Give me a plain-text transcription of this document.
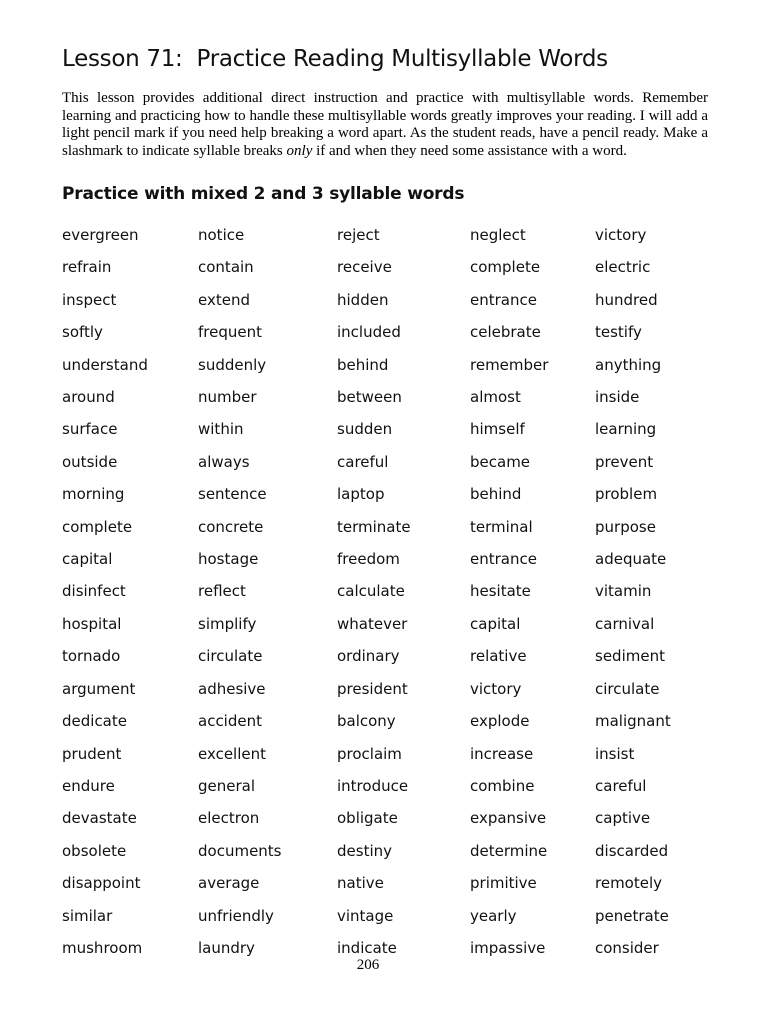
Lesson 71:  Practice Reading Multisyllable Words

This lesson provides additional direct instruction and practice with multisyllable words. Remember learning and practicing how to handle these multisyllable words greatly improves your reading. I will add a light pencil mark if you need help breaking a word apart. As the student reads, have a pencil ready. Make a slashmark to indicate syllable breaks only if and when they need some assistance with a word.

Practice with mixed 2 and 3 syllable words
evergreen	notice	reject	neglect	victory
refrain	contain	receive	complete	electric
inspect	extend	hidden	entrance	hundred
softly	frequent	included	celebrate	testify
understand	suddenly	behind	remember	anything
around	number	between	almost	inside
surface	within	sudden	himself	learning
outside	always	careful	became	prevent
morning	sentence	laptop	behind	problem
complete	concrete	terminate	terminal	purpose
capital	hostage	freedom	entrance	adequate
disinfect	reflect	calculate	hesitate	vitamin
hospital	simplify	whatever	capital	carnival
tornado	circulate	ordinary	relative	sediment
argument	adhesive	president	victory	circulate
dedicate	accident	balcony	explode	malignant
prudent	excellent	proclaim	increase	insist
endure	general	introduce	combine	careful
devastate	electron	obligate	expansive	captive
obsolete	documents	destiny	determine	discarded
disappoint	average	native	primitive	remotely
similar	unfriendly	vintage	yearly	penetrate
mushroom	laundry	indicate	impassive	consider
206
